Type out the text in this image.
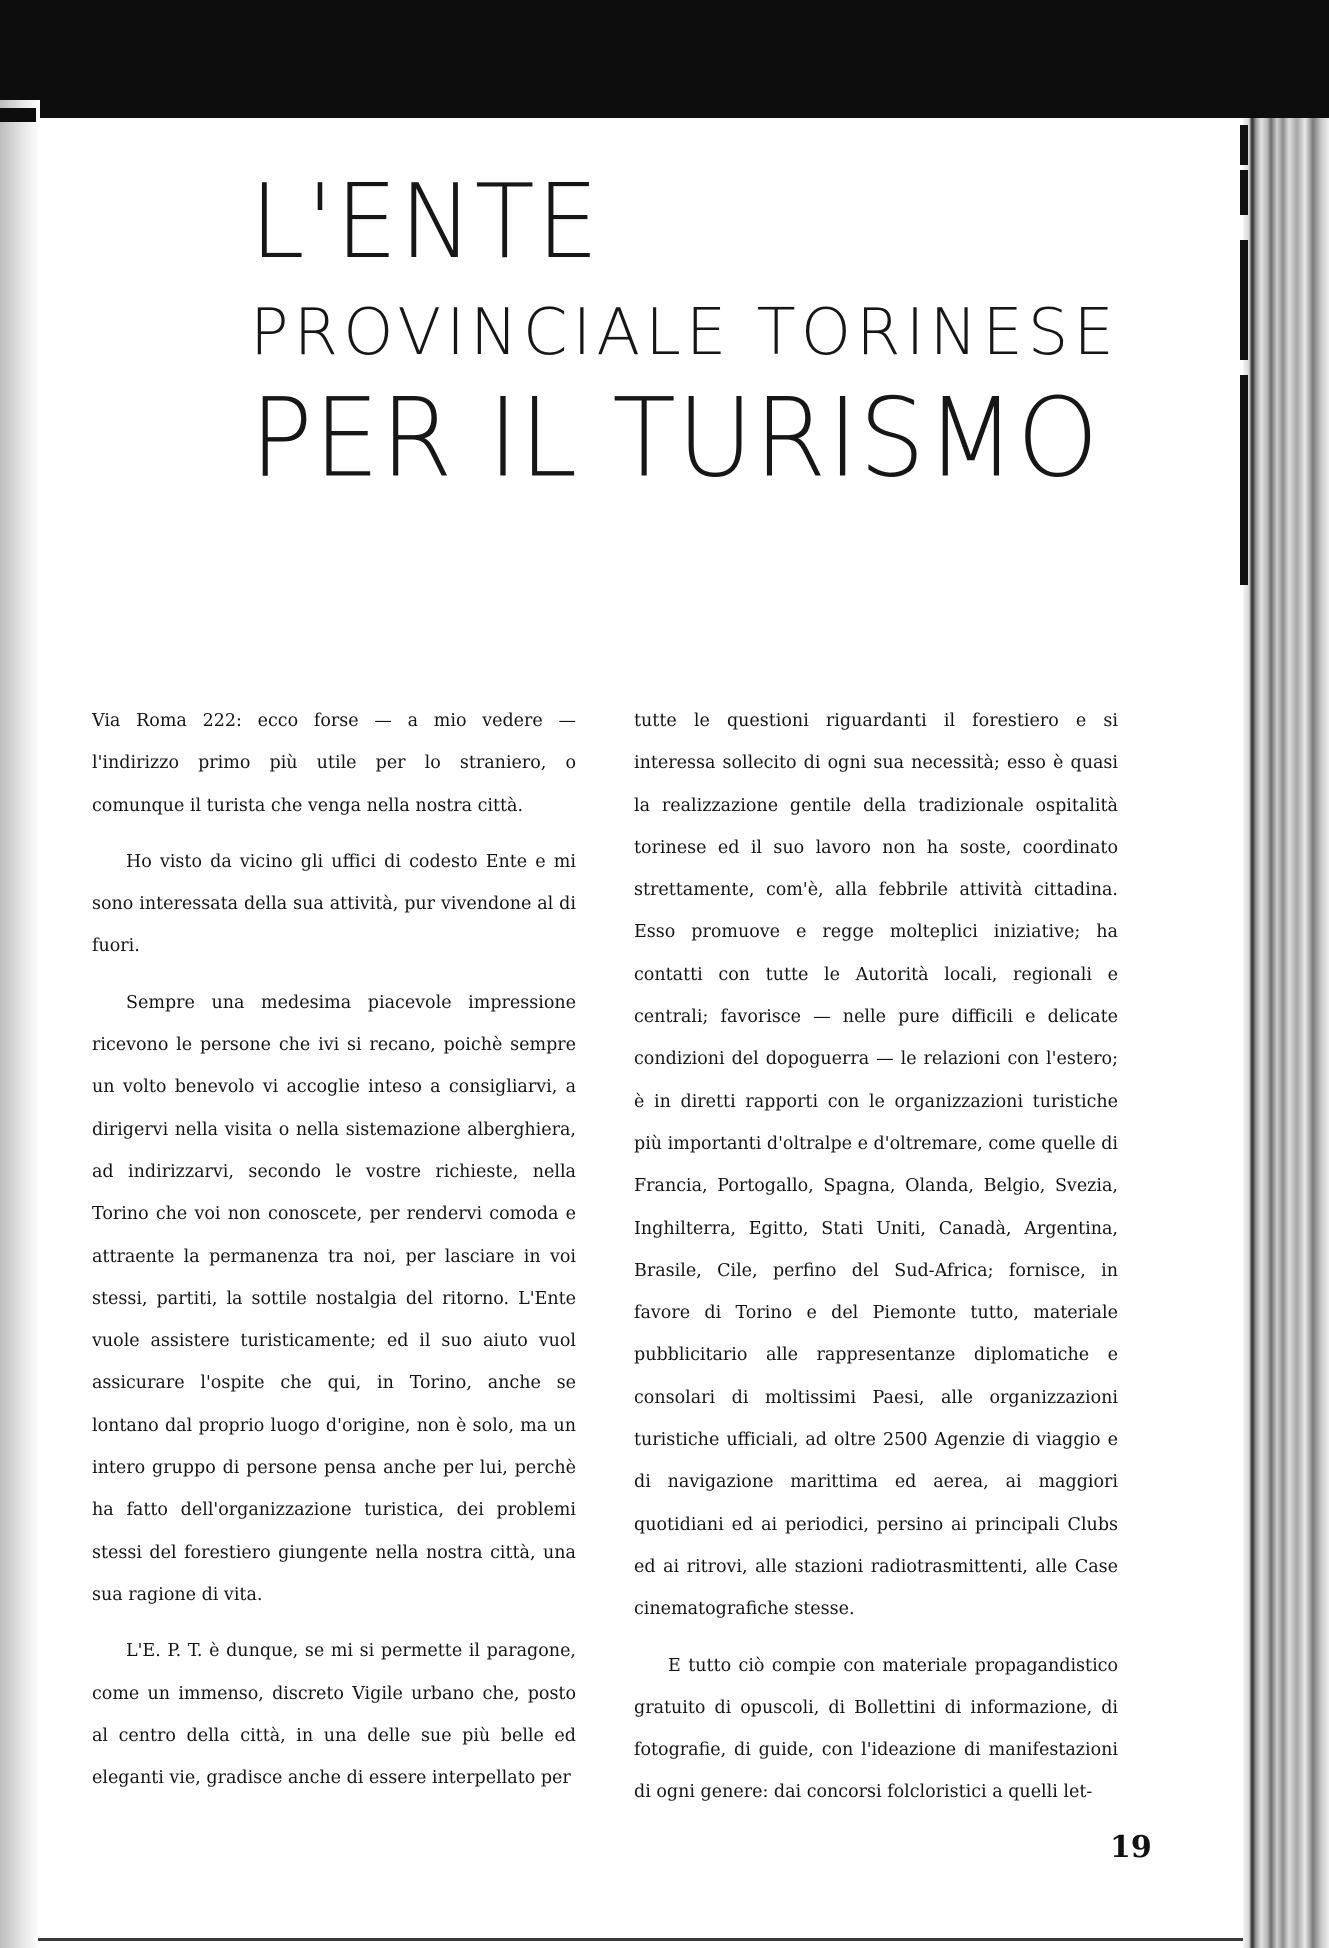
L'ENTE
PROVINCIALE TORINESE
PER IL TURISMO

Via Roma 222: ecco forse — a mio vedere — l'indirizzo primo più utile per lo straniero, o comunque il turista che venga nella nostra città.

Ho visto da vicino gli uffici di codesto Ente e mi sono interessata della sua attività, pur vivendone al di fuori.

Sempre una medesima piacevole impressione ricevono le persone che ivi si recano, poichè sempre un volto benevolo vi accoglie inteso a consigliarvi, a dirigervi nella visita o nella sistemazione alberghiera, ad indirizzarvi, secondo le vostre richieste, nella Torino che voi non conoscete, per rendervi comoda e attraente la permanenza tra noi, per lasciare in voi stessi, partiti, la sottile nostalgia del ritorno. L'Ente vuole assistere turisticamente; ed il suo aiuto vuol assicurare l'ospite che qui, in Torino, anche se lontano dal proprio luogo d'origine, non è solo, ma un intero gruppo di persone pensa anche per lui, perchè ha fatto dell'organizzazione turistica, dei problemi stessi del forestiero giungente nella nostra città, una sua ragione di vita.

L'E. P. T. è dunque, se mi si permette il paragone, come un immenso, discreto Vigile urbano che, posto al centro della città, in una delle sue più belle ed eleganti vie, gradisce anche di essere interpellato per

tutte le questioni riguardanti il forestiero e si interessa sollecito di ogni sua necessità; esso è quasi la realizzazione gentile della tradizionale ospitalità torinese ed il suo lavoro non ha soste, coordinato strettamente, com'è, alla febbrile attività cittadina. Esso promuove e regge molteplici iniziative; ha contatti con tutte le Autorità locali, regionali e centrali; favorisce — nelle pure difficili e delicate condizioni del dopoguerra — le relazioni con l'estero; è in diretti rapporti con le organizzazioni turistiche più importanti d'oltralpe e d'oltremare, come quelle di Francia, Portogallo, Spagna, Olanda, Belgio, Svezia, Inghilterra, Egitto, Stati Uniti, Canadà, Argentina, Brasile, Cile, perfino del Sud-Africa; fornisce, in favore di Torino e del Piemonte tutto, materiale pubblicitario alle rappresentanze diplomatiche e consolari di moltissimi Paesi, alle organizzazioni turistiche ufficiali, ad oltre 2500 Agenzie di viaggio e di navigazione marittima ed aerea, ai maggiori quotidiani ed ai periodici, persino ai principali Clubs ed ai ritrovi, alle stazioni radiotrasmittenti, alle Case cinematografiche stesse.

E tutto ciò compie con materiale propagandistico gratuito di opuscoli, di Bollettini di informazione, di fotografie, di guide, con l'ideazione di manifestazioni di ogni genere: dai concorsi folcloristici a quelli let-

19
